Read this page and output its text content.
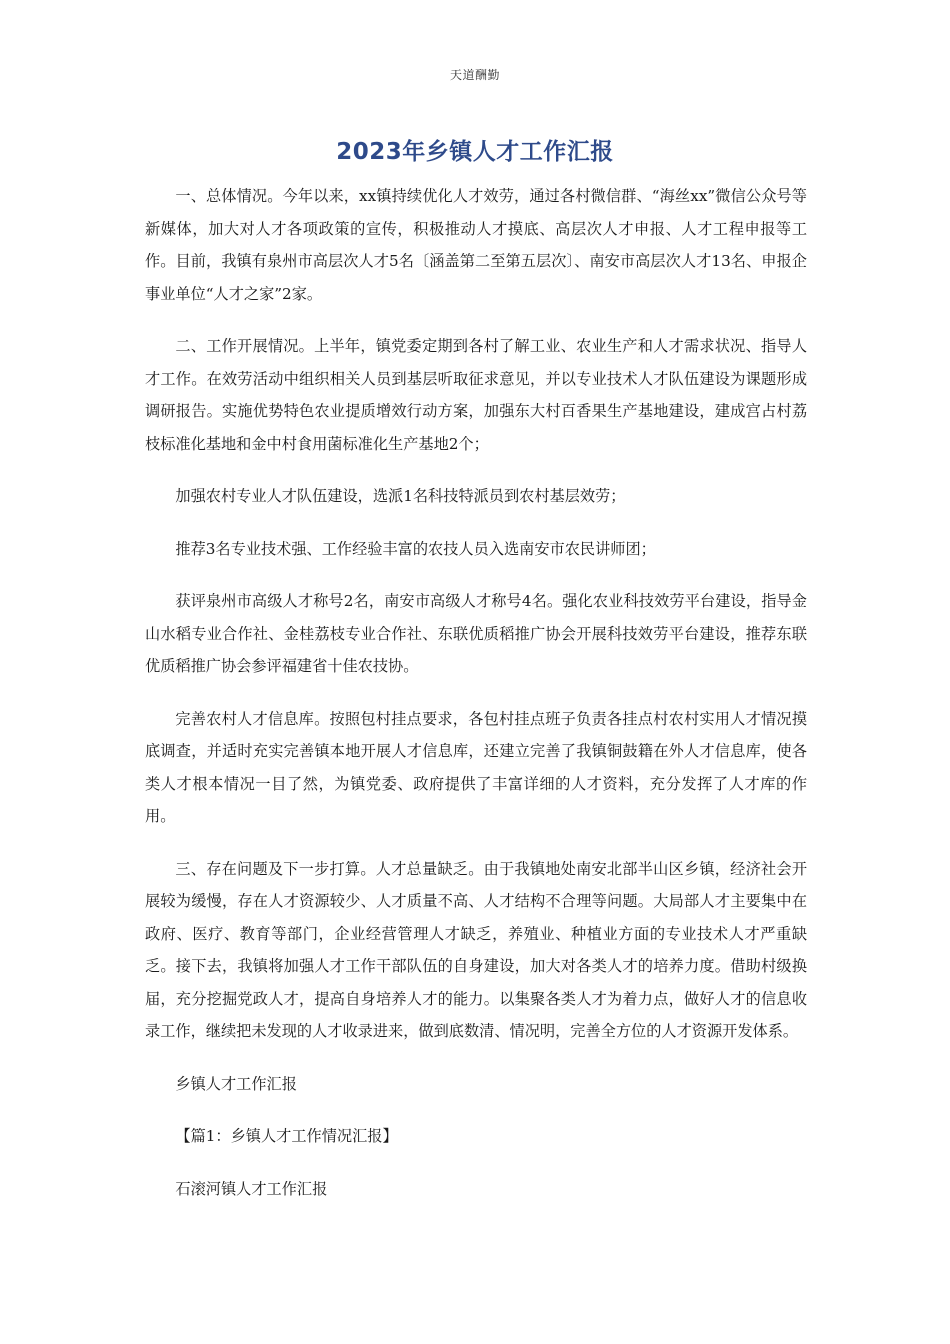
天道酬勤
2023年乡镇人才工作汇报

一、总体情况。今年以来，xx镇持续优化人才效劳，通过各村微信群、“海丝xx”微信公众号等新媒体，加大对人才各项政策的宣传，积极推动人才摸底、高层次人才申报、人才工程申报等工作。目前，我镇有泉州市高层次人才5名〔涵盖第二至第五层次〕、南安市高层次人才13名、申报企事业单位“人才之家”2家。

二、工作开展情况。上半年，镇党委定期到各村了解工业、农业生产和人才需求状况、指导人才工作。在效劳活动中组织相关人员到基层听取征求意见，并以专业技术人才队伍建设为课题形成调研报告。实施优势特色农业提质增效行动方案，加强东大村百香果生产基地建设，建成宫占村荔枝标准化基地和金中村食用菌标准化生产基地2个；

加强农村专业人才队伍建设，选派1名科技特派员到农村基层效劳；

推荐3名专业技术强、工作经验丰富的农技人员入选南安市农民讲师团；

获评泉州市高级人才称号2名，南安市高级人才称号4名。强化农业科技效劳平台建设，指导金山水稻专业合作社、金桂荔枝专业合作社、东联优质稻推广协会开展科技效劳平台建设，推荐东联优质稻推广协会参评福建省十佳农技协。

完善农村人才信息库。按照包村挂点要求，各包村挂点班子负责各挂点村农村实用人才情况摸底调查，并适时充实完善镇本地开展人才信息库，还建立完善了我镇铜鼓籍在外人才信息库，使各类人才根本情况一目了然，为镇党委、政府提供了丰富详细的人才资料，充分发挥了人才库的作用。

三、存在问题及下一步打算。人才总量缺乏。由于我镇地处南安北部半山区乡镇，经济社会开展较为缓慢，存在人才资源较少、人才质量不高、人才结构不合理等问题。大局部人才主要集中在政府、医疗、教育等部门，企业经营管理人才缺乏，养殖业、种植业方面的专业技术人才严重缺乏。接下去，我镇将加强人才工作干部队伍的自身建设，加大对各类人才的培养力度。借助村级换届，充分挖掘党政人才，提高自身培养人才的能力。以集聚各类人才为着力点，做好人才的信息收录工作，继续把未发现的人才收录进来，做到底数清、情况明，完善全方位的人才资源开发体系。

乡镇人才工作汇报

【篇1：乡镇人才工作情况汇报】

石滚河镇人才工作汇报
